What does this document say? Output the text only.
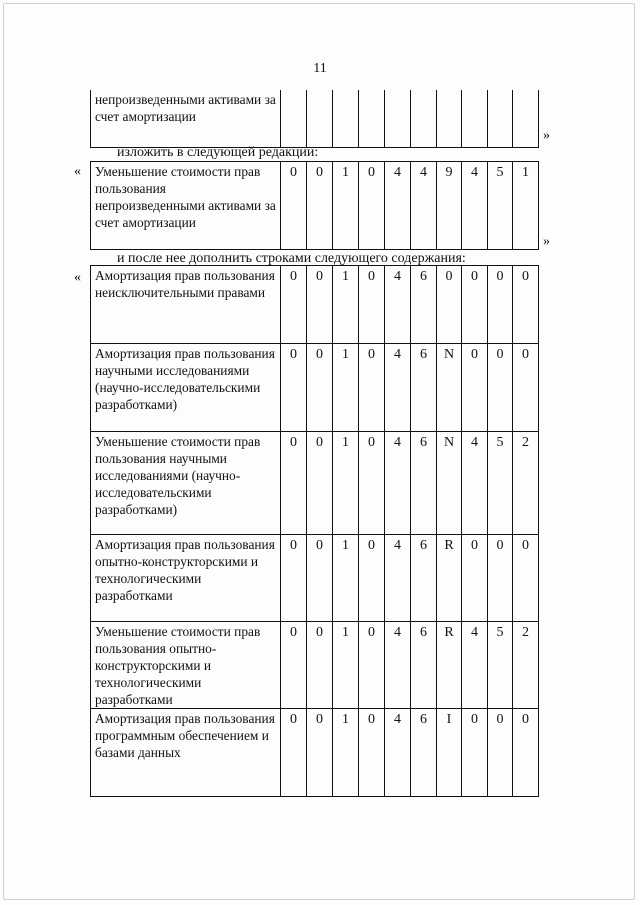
11
непроизведенными активами за счет амортизации										
»
изложить в следующей редакции:
« Уменьшение стоимости прав пользования непроизведенными активами за счет амортизации	0	0	1	0	4	4	9	4	5	1
»
и после нее дополнить строками следующего содержания:
« Амортизация прав пользования неисключительными правами	0	0	1	0	4	6	0	0	0	0
Амортизация прав пользования научными исследованиями (научно-исследовательскими разработками)	0	0	1	0	4	6	N	0	0	0
Уменьшение стоимости прав пользования научными исследованиями (научно-исследовательскими разработками)	0	0	1	0	4	6	N	4	5	2
Амортизация прав пользования опытно-конструкторскими и технологическими разработками	0	0	1	0	4	6	R	0	0	0
Уменьшение стоимости прав пользования опытно-конструкторскими и технологическими разработками	0	0	1	0	4	6	R	4	5	2
Амортизация прав пользования программным обеспечением и базами данных	0	0	1	0	4	6	I	0	0	0
